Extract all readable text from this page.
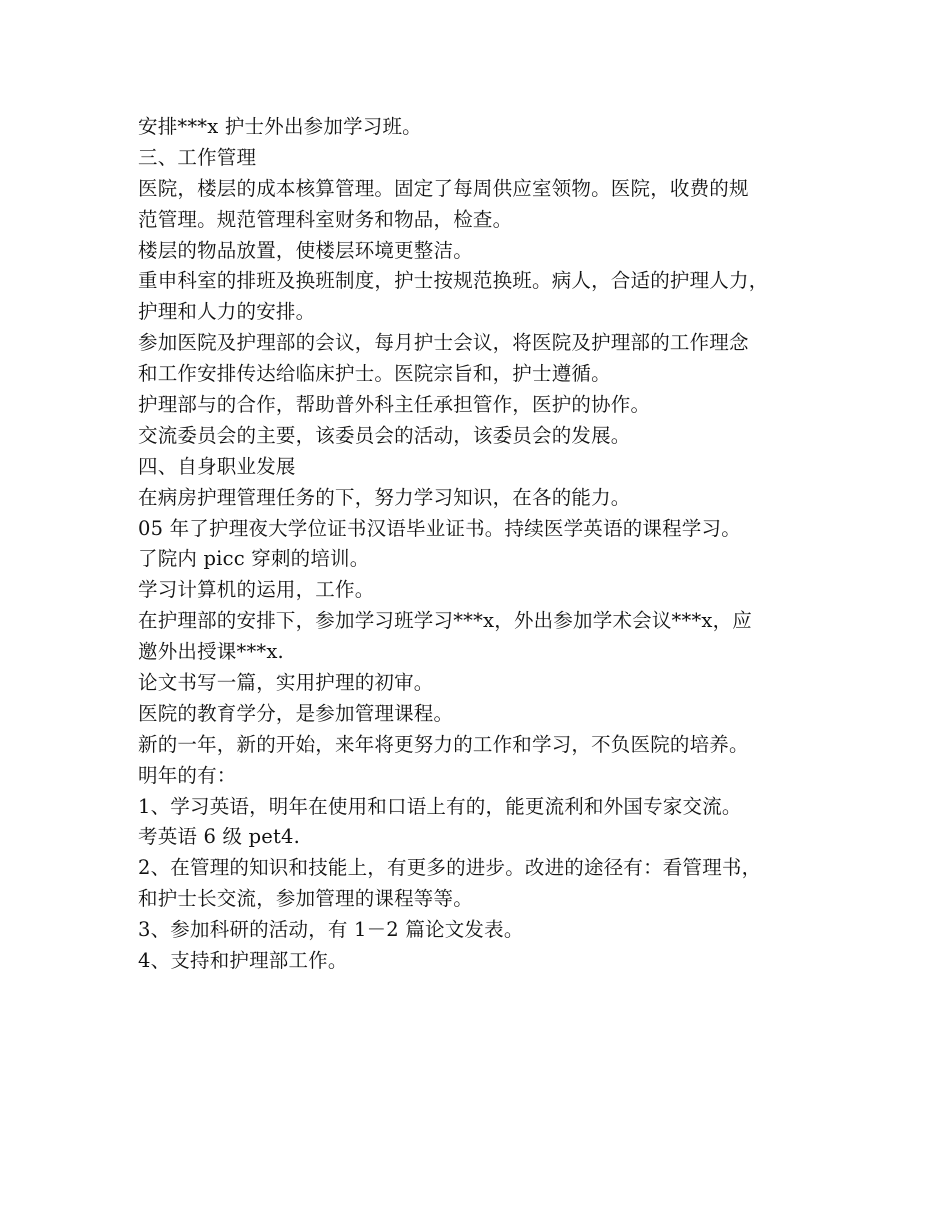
安排***x 护士外出参加学习班。
三、工作管理
医院，楼层的成本核算管理。固定了每周供应室领物。医院，收费的规
范管理。规范管理科室财务和物品，检查。
楼层的物品放置，使楼层环境更整洁。
重申科室的排班及换班制度，护士按规范换班。病人，合适的护理人力，
护理和人力的安排。
参加医院及护理部的会议，每月护士会议，将医院及护理部的工作理念
和工作安排传达给临床护士。医院宗旨和，护士遵循。
护理部与的合作，帮助普外科主任承担管作，医护的协作。
交流委员会的主要，该委员会的活动，该委员会的发展。
四、自身职业发展
在病房护理管理任务的下，努力学习知识，在各的能力。
05 年了护理夜大学位证书汉语毕业证书。持续医学英语的课程学习。
了院内 picc 穿刺的培训。
学习计算机的运用，工作。
在护理部的安排下，参加学习班学习***x，外出参加学术会议***x，应
邀外出授课***x.
论文书写一篇，实用护理的初审。
医院的教育学分，是参加管理课程。
新的一年，新的开始，来年将更努力的工作和学习，不负医院的培养。
明年的有：
1、学习英语，明年在使用和口语上有的，能更流利和外国专家交流。
考英语 6 级 pet4.
2、在管理的知识和技能上，有更多的进步。改进的途径有：看管理书，
和护士长交流，参加管理的课程等等。
3、参加科研的活动，有 1－2 篇论文发表。
4、支持和护理部工作。
